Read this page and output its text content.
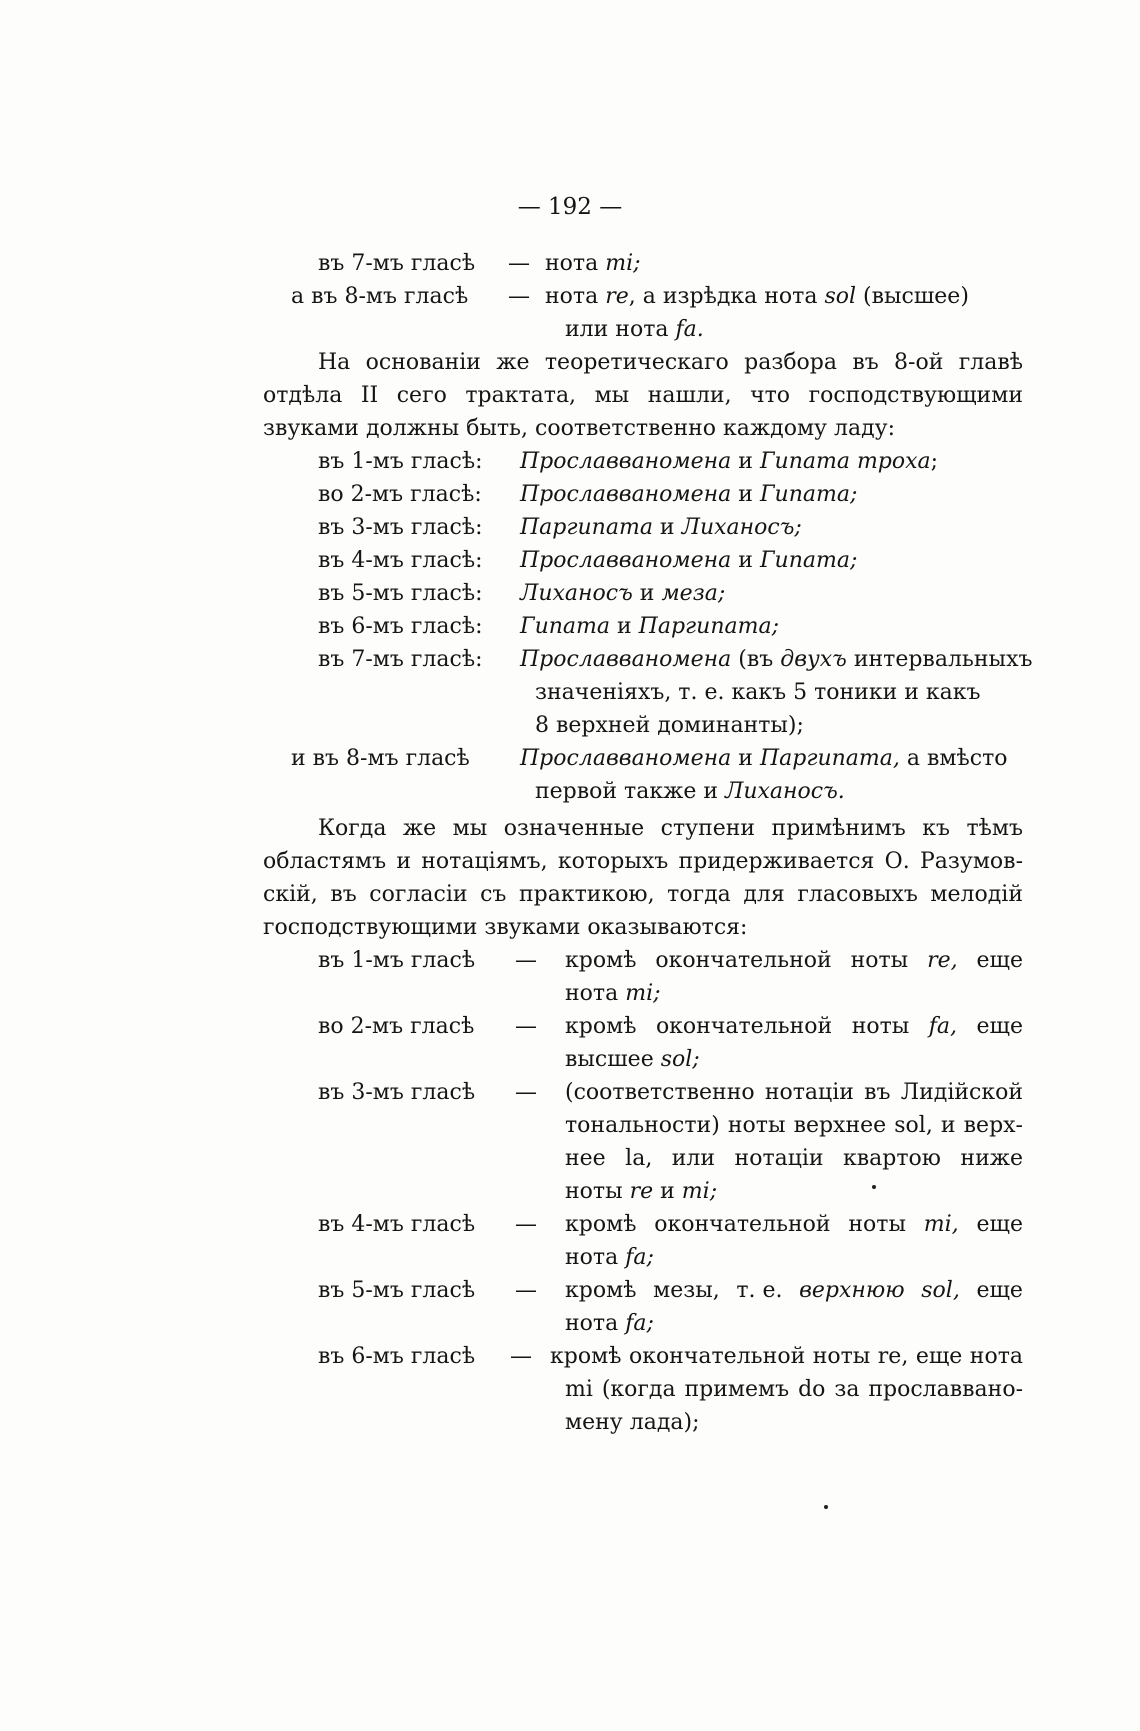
— 192 —
въ 7-мъ гласѣ — нота mi;
а въ 8-мъ гласѣ — нота re, а изрѣдка нота sol (высшее)
или нота fa.
На основаніи же теоретическаго разбора въ 8-ой главѣ
отдѣла II сего трактата, мы нашли, что господствующими
звуками должны быть, соответственно каждому ладу:
въ 1-мъ гласѣ: Прославваномена и Гипата троха;
во 2-мъ гласѣ: Прославваномена и Гипата;
въ 3-мъ гласѣ: Паргипата и Лиханосъ;
въ 4-мъ гласѣ: Прославваномена и Гипата;
въ 5-мъ гласѣ: Лиханосъ и меза;
въ 6-мъ гласѣ: Гипата и Паргипата;
въ 7-мъ гласѣ: Прославваномена (въ двухъ интервальныхъ
значеніяхъ, т. е. какъ 5 тоники и какъ
8 верхней доминанты);
и въ 8-мъ гласѣ Прославваномена и Паргипата, а вмѣсто
первой также и Лиханосъ.
Когда же мы означенные ступени примѣнимъ къ тѣмъ
областямъ и нотаціямъ, которыхъ придерживается О. Разумов-
скій, въ согласіи съ практикою, тогда для гласовыхъ мелодій
господствующими звуками оказываются:
въ 1-мъ гласѣ — кромѣ окончательной ноты re, еще
нота mi;
во 2-мъ гласѣ — кромѣ окончательной ноты fa, еще
высшее sol;
въ 3-мъ гласѣ — (соответственно нотаціи въ Лидійской
тональности) ноты верхнее sol, и верх-
нее la, или нотаціи квартою ниже
ноты re и mi;
въ 4-мъ гласѣ — кромѣ окончательной ноты mi, еще
нота fa;
въ 5-мъ гласѣ — кромѣ мезы, т. е. верхнюю sol, еще
нота fa;
въ 6-мъ гласѣ — кромѣ окончательной ноты re, еще нота
mi (когда примемъ do за прославвано-
мену лада);
